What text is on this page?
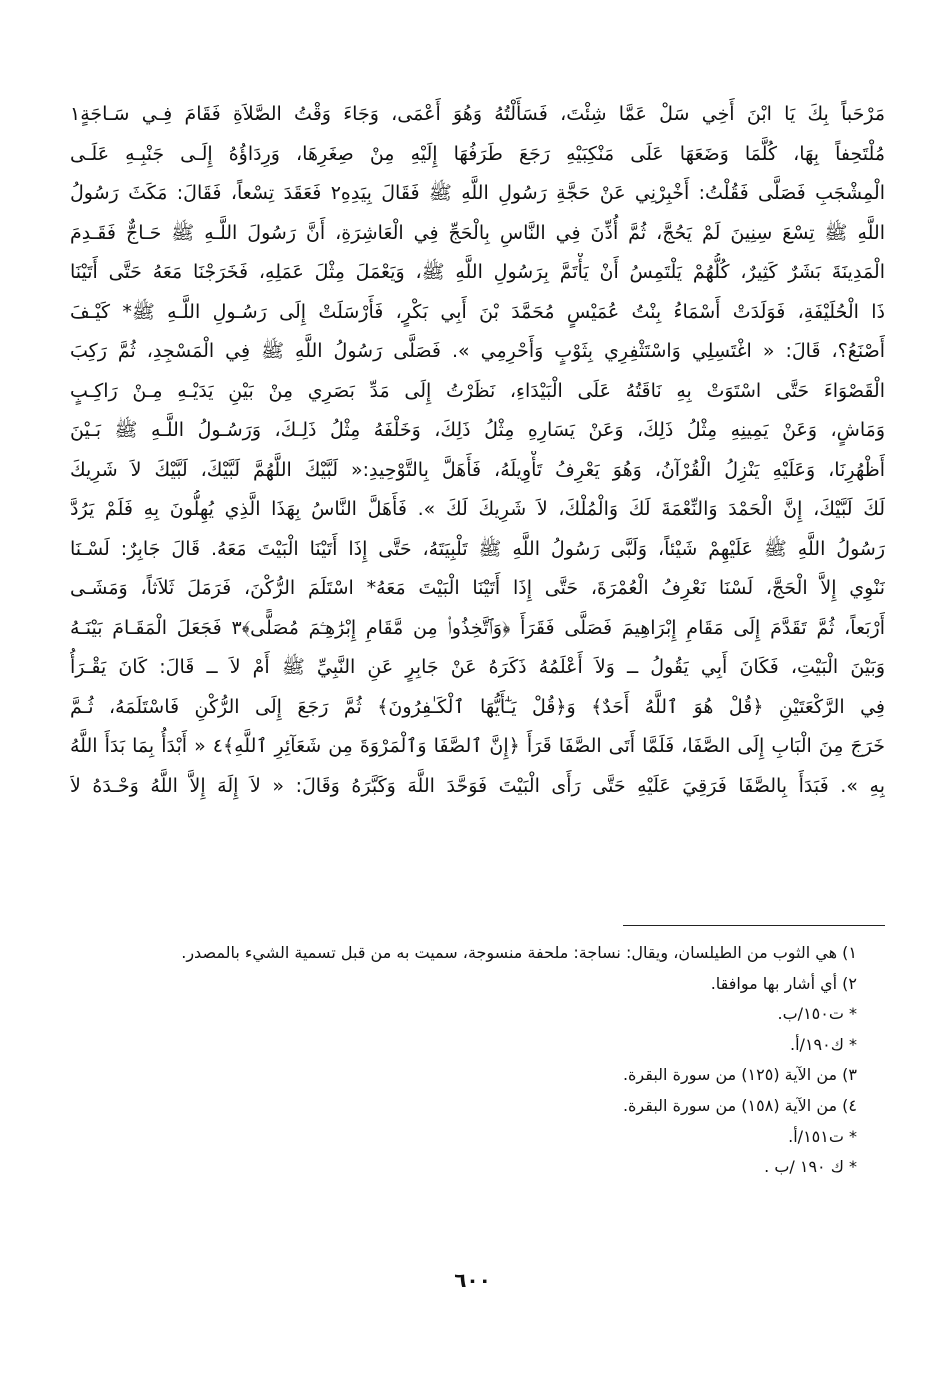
مَرْحَباً بِكَ يَا ابْنَ أَخِي سَلْ عَمَّا شِئْتَ، فَسَأَلْتُهُ وَهُوَ أَعْمَى، وَجَاءَ وَقْتُ الصَّلاَةِ فَقَامَ فِـي سَـاجَةٍ١
مُلْتَحِفاً بِهَا، كُلَّمَا وَضَعَهَا عَلَى مَنْكِبَيْهِ رَجَعَ طَرَفُهَا إِلَيْهِ مِنْ صِغَرِهَا، وَرِدَاؤُهُ إِلَـى جَنْبِـهِ عَلَـى
الْمِشْجَبِ فَصَلَّى فَقُلْتُ: أَخْبِرْنِي عَنْ حَجَّةِ رَسُولِ اللَّهِ ﷺ فَقَالَ بِيَدِهِ٢ فَعَقَدَ تِسْعاً، فَقَالَ: مَكَثَ رَسُولُ
اللَّهِ ﷺ تِسْعَ سِنِينَ لَمْ يَحُجَّ، ثُمَّ أُذِّنَ فِي النَّاسِ بِالْحَجِّ فِي الْعَاشِرَةِ، أَنَّ رَسُولَ اللَّـهِ ﷺ حَـاجٌّ فَقَـدِمَ
الْمَدِينَةَ بَشَرٌ كَثِيرٌ، كُلُّهُمْ يَلْتَمِسُ أَنْ يَأْتَمَّ بِرَسُولِ اللَّهِ ﷺ، وَيَعْمَلَ مِثْلَ عَمَلِهِ، فَخَرَجْنَا مَعَهُ حَتَّى أَتَيْنَا
ذَا الْحُلَيْفَةِ، فَوَلَدَتْ أَسْمَاءُ بِنْتُ عُمَيْسٍ مُحَمَّدَ بْنَ أَبِي بَكْرٍ، فَأَرْسَلَتْ إِلَى رَسُـولِ اللَّـهِ ﷺ* كَيْـفَ
أَصْنَعُ؟، قَالَ: « اغْتَسِلِي وَاسْتَثْفِرِي بِثَوْبٍ وَأَحْرِمِي ». فَصَلَّى رَسُولُ اللَّهِ ﷺ فِي الْمَسْجِدِ، ثُمَّ رَكِبَ
الْقَصْوَاءَ حَتَّى اسْتَوَتْ بِهِ نَاقَتُهُ عَلَى الْبَيْدَاءِ، نَظَرْتُ إِلَى مَدِّ بَصَرِي مِنْ بَيْنِ يَدَيْـهِ مِـنْ رَاكِـبٍ
وَمَاشٍ، وَعَنْ يَمِينِهِ مِثْلُ ذَلِكَ، وَعَنْ يَسَارِهِ مِثْلُ ذَلِكَ، وَخَلْفَهُ مِثْلُ ذَلِـكَ، وَرَسُـولُ اللَّـهِ ﷺ بَـيْنَ
أَظْهُرِنَا، وَعَلَيْهِ يَنْزِلُ الْقُرْآنُ، وَهُوَ يَعْرِفُ تَأْوِيلَهُ، فَأَهَلَّ بِالتَّوْحِيدِ:« لَبَّيْكَ اللَّهُمَّ لَبَّيْكَ، لَبَّيْكَ لاَ شَرِيكَ
لَكَ لَبَّيْكَ، إِنَّ الْحَمْدَ وَالنِّعْمَةَ لَكَ وَالْمُلْكَ، لاَ شَرِيكَ لَكَ ». فَأَهَلَّ النَّاسُ بِهَذَا الَّذِي يُهِلُّونَ بِهِ فَلَمْ يَرُدَّ
رَسُولُ اللَّهِ ﷺ عَلَيْهِمْ شَيْئاً، وَلَبَّى رَسُولُ اللَّهِ ﷺ تَلْبِيَتَهُ، حَتَّى إِذَا أَتَيْنَا الْبَيْتَ مَعَهُ. قَالَ جَابِرٌ: لَسْـنَا
نَنْوِي إِلاَّ الْحَجَّ، لَسْنَا نَعْرِفُ الْعُمْرَةَ، حَتَّى إِذَا أَتَيْنَا الْبَيْتَ مَعَهُ* اسْتَلَمَ الرُّكْنَ، فَرَمَلَ ثَلاَثاً، وَمَشَـى
أَرْبَعاً، ثُمَّ تَقَدَّمَ إِلَى مَقَامِ إِبْرَاهِيمَ فَصَلَّى فَقَرَأَ ﴿وَٱتَّخِذُوا۟ مِن مَّقَامِ إِبْرَٰهِـۧمَ مُصَلًّى﴾٣ فَجَعَلَ الْمَقَـامَ بَيْنَـهُ
وَبَيْنَ الْبَيْتِ، فَكَانَ أَبِي يَقُولُ ــ وَلاَ أَعْلَمُهُ ذَكَرَهُ عَنْ جَابِرٍ عَنِ النَّبِيِّ ﷺ أَمْ لاَ ــ قَالَ: كَانَ يَقْـرَأُ
فِي الرَّكْعَتَيْنِ ﴿قُلْ هُوَ ٱللَّهُ أَحَدٌ﴾ وَ﴿قُلْ يَـٰٓأَيُّهَا ٱلْكَـٰفِرُونَ﴾ ثُمَّ رَجَعَ إِلَى الرُّكْنِ فَاسْتَلَمَهُ، ثُـمَّ
خَرَجَ مِنَ الْبَابِ إِلَى الصَّفَا، فَلَمَّا أَتَى الصَّفَا قَرَأَ ﴿إِنَّ ٱلصَّفَا وَٱلْمَرْوَةَ مِن شَعَآئِرِ ٱللَّهِ﴾٤ « أَبْدَأُ بِمَا بَدَأَ اللَّهُ
بِهِ ». فَبَدَأَ بِالصَّفَا فَرَقِيَ عَلَيْهِ حَتَّى رَأَى الْبَيْتَ فَوَحَّدَ اللَّهَ وَكَبَّرَهُ وَقَالَ: « لاَ إِلَهَ إِلاَّ اللَّهُ وَحْـدَهُ لاَ
١) هي الثوب من الطيلسان، ويقال: نساجة: ملحفة منسوجة، سميت به من قبل تسمية الشيء بالمصدر.
٢) أي أشار بها موافقا.
* ت١٥٠/ب.
* ك١٩٠/أ.
٣) من الآية (١٢٥) من سورة البقرة.
٤) من الآية (١٥٨) من سورة البقرة.
* ت١٥١/أ.
* ك ١٩٠ /ب .
٦٠٠
